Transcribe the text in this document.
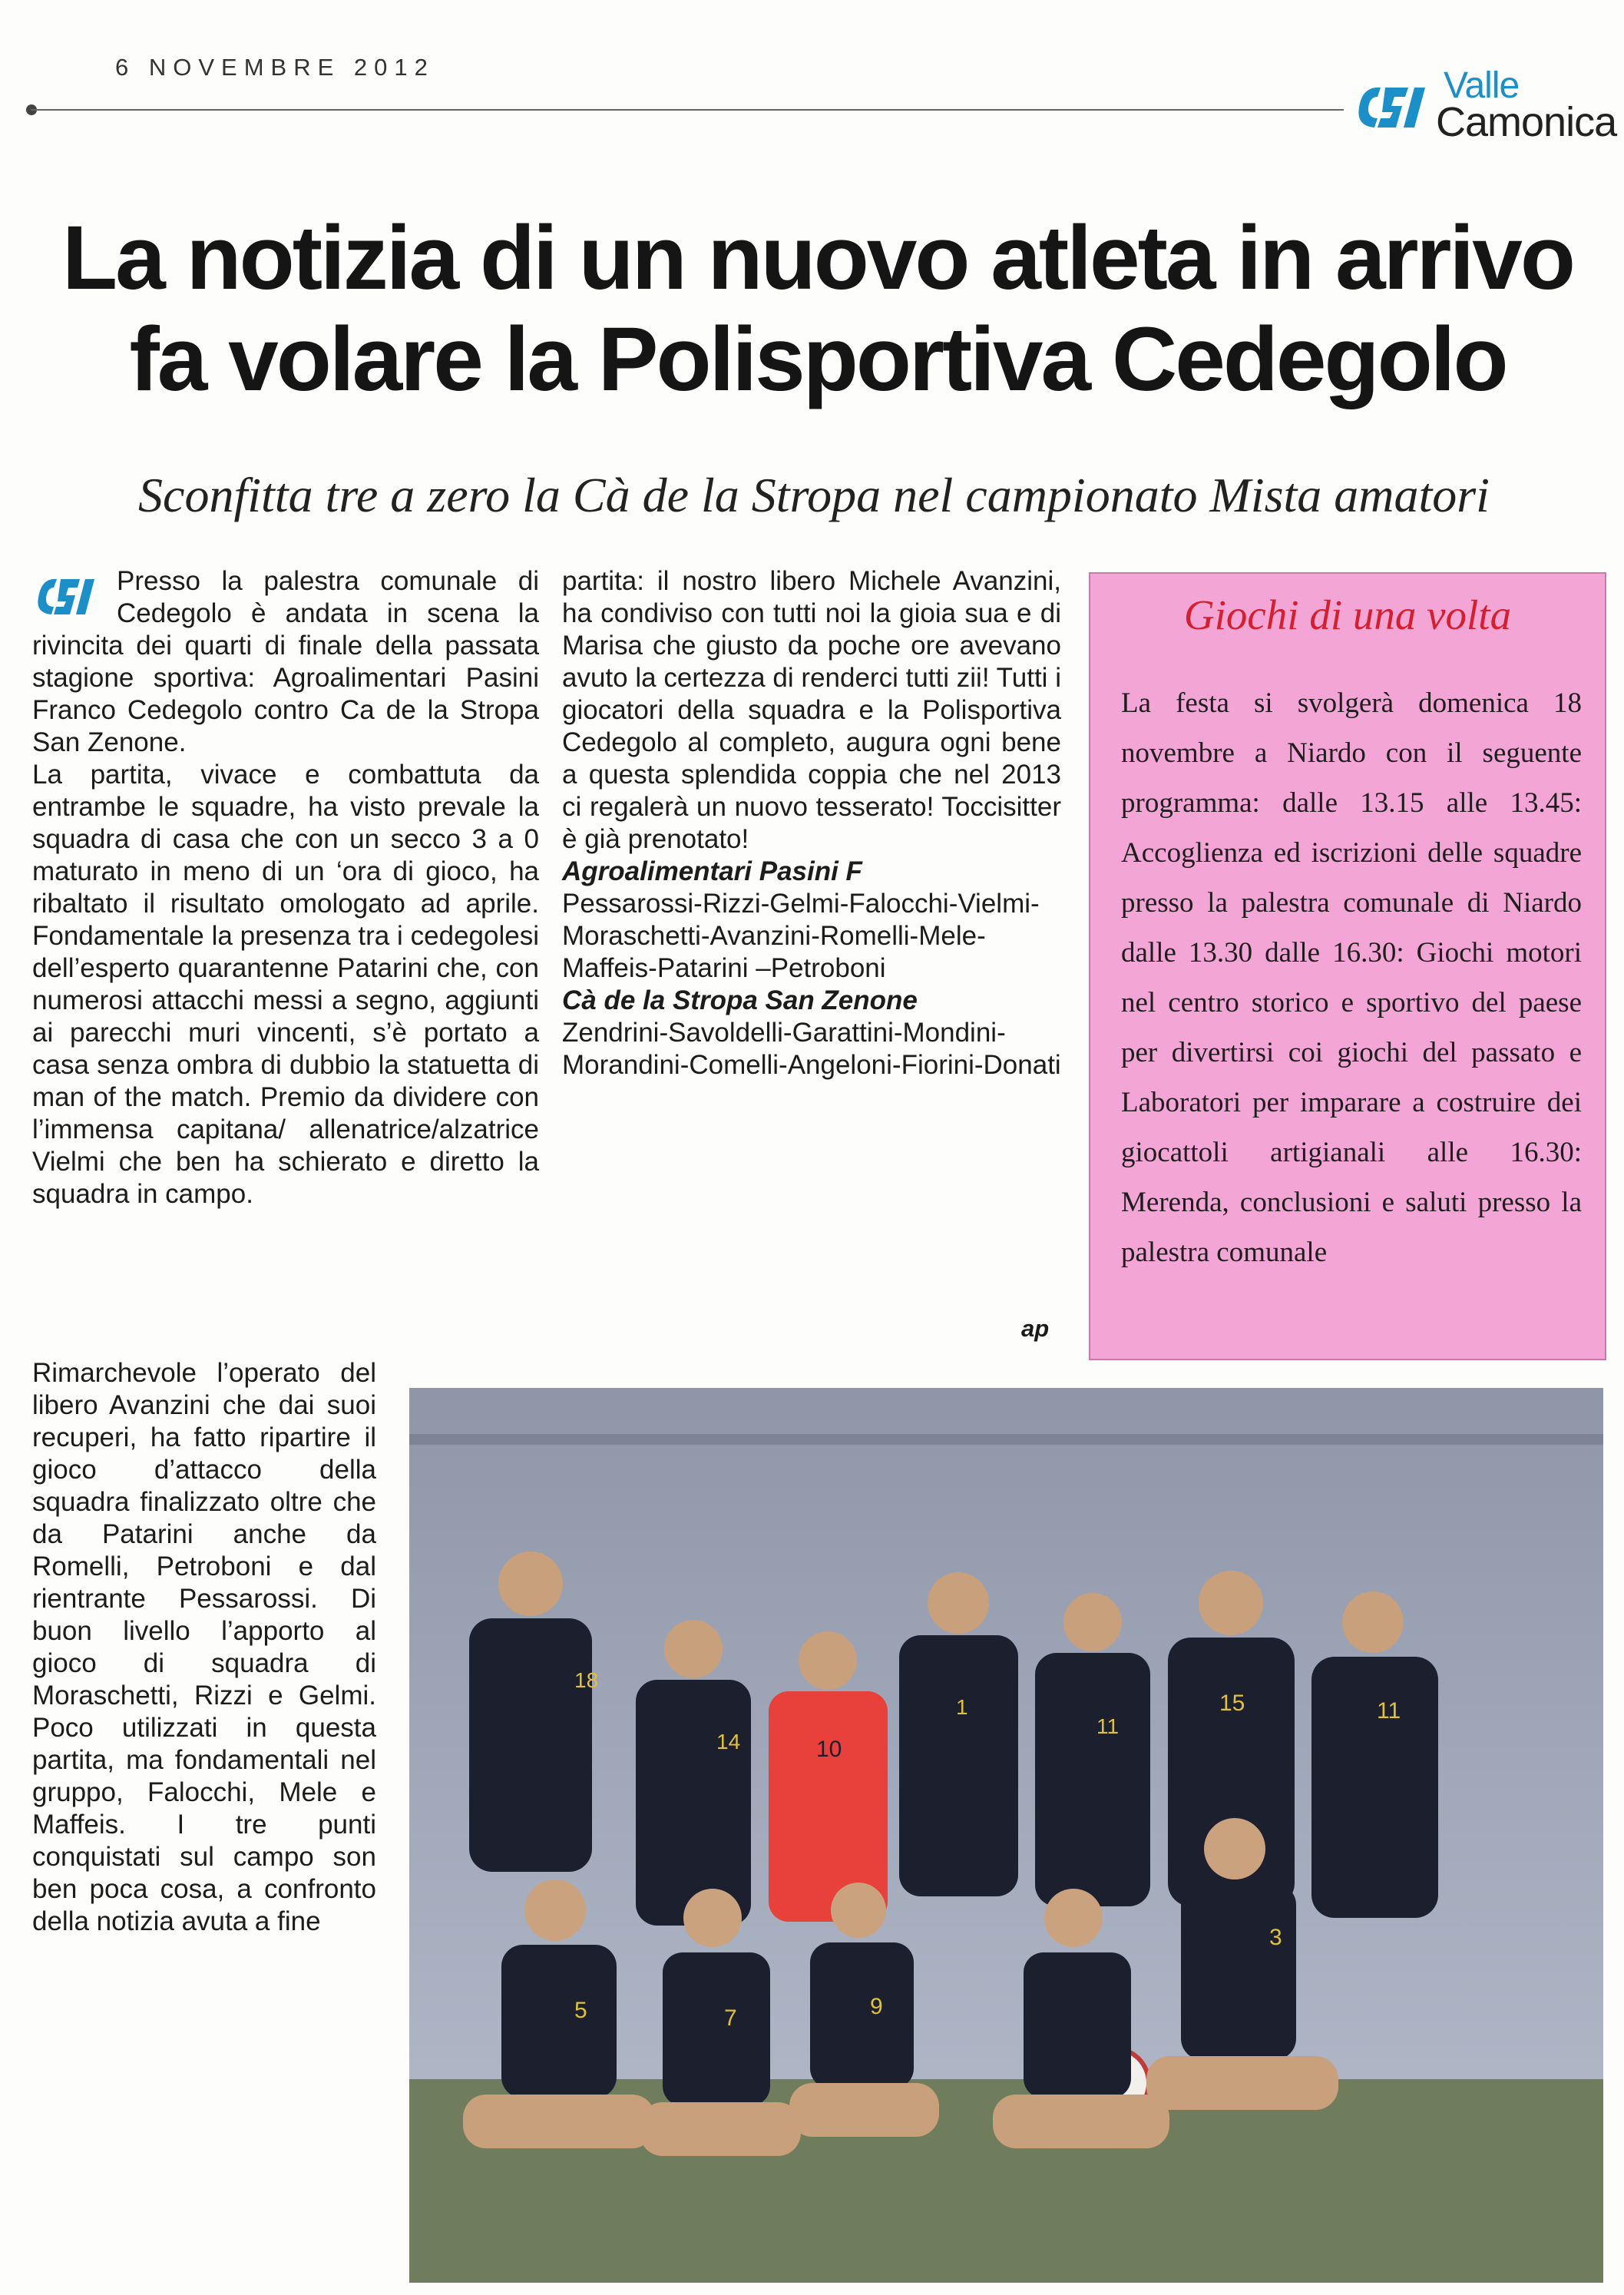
6 NOVEMBRE 2012	Valle
Camonica
La notizia di un nuovo atleta in arrivo fa volare la Polisportiva Cedegolo
Sconfitta tre a zero la Cà de la Stropa nel campionato Mista amatori

Presso la palestra comunale di Cedegolo è andata in scena la rivincita dei quarti di finale della passata stagione sportiva: Agroalimentari Pasini Franco Cedegolo contro Ca de la Stropa San Zenone.

La partita, vivace e combattuta da entrambe le squadre, ha visto prevale la squadra di casa che con un secco 3 a 0 maturato in meno di un ‘ora di gioco, ha ribaltato il risultato omologato ad aprile. Fondamentale la presenza tra i cedegolesi dell’esperto quarantenne Patarini che, con numerosi attacchi messi a segno, aggiunti ai parecchi muri vincenti, s’è portato a casa senza ombra di dubbio la statuetta di man of the match. Premio da dividere con l’immensa capitana/ allenatrice/alzatrice Vielmi che ben ha schierato e diretto la squadra in campo.

Rimarchevole l’operato del libero Avanzini che dai suoi recuperi, ha fatto ripartire il gioco d’attacco della squadra finalizzato oltre che da Patarini anche da Romelli, Petroboni e dal rientrante Pessarossi. Di buon livello l’apporto al gioco di squadra di Moraschetti, Rizzi e Gelmi. Poco utilizzati in questa partita, ma fondamentali nel gruppo, Falocchi, Mele e Maffeis. I tre punti conquistati sul campo son ben poca cosa, a confronto della notizia avuta a fine

partita: il nostro libero Michele Avanzini, ha condiviso con tutti noi la gioia sua e di Marisa che giusto da poche ore avevano avuto la certezza di renderci tutti zii! Tutti i giocatori della squadra e la Polisportiva Cedegolo al completo, augura ogni bene a questa splendida coppia che nel 2013 ci regalerà un nuovo tesserato! Toccisitter è già prenotato!

Agroalimentari Pasini F

Pessarossi-Rizzi-Gelmi-Falocchi-Vielmi-Moraschetti-Avanzini-Romelli-Mele-Maffeis-Patarini –Petroboni

Cà de la Stropa San Zenone

Zendrini-Savoldelli-Garattini-Mondini-Morandini-Comelli-Angeloni-Fiorini-Donati

ap
Giochi di una volta
La festa si svolgerà domenica 18 novembre a Niardo con il seguente programma: dalle 13.15 alle 13.45: Accoglienza ed iscrizioni delle squadre presso la palestra comunale di Niardo dalle 13.30 dalle 16.30: Giochi motori nel centro storico e sportivo del paese per divertirsi coi giochi del passato e Laboratori per imparare a costruire dei giocattoli artigianali alle 16.30: Merenda, conclusioni e saluti presso la palestra comunale
18
14	10
1
11
15	11
5	7	9
3
